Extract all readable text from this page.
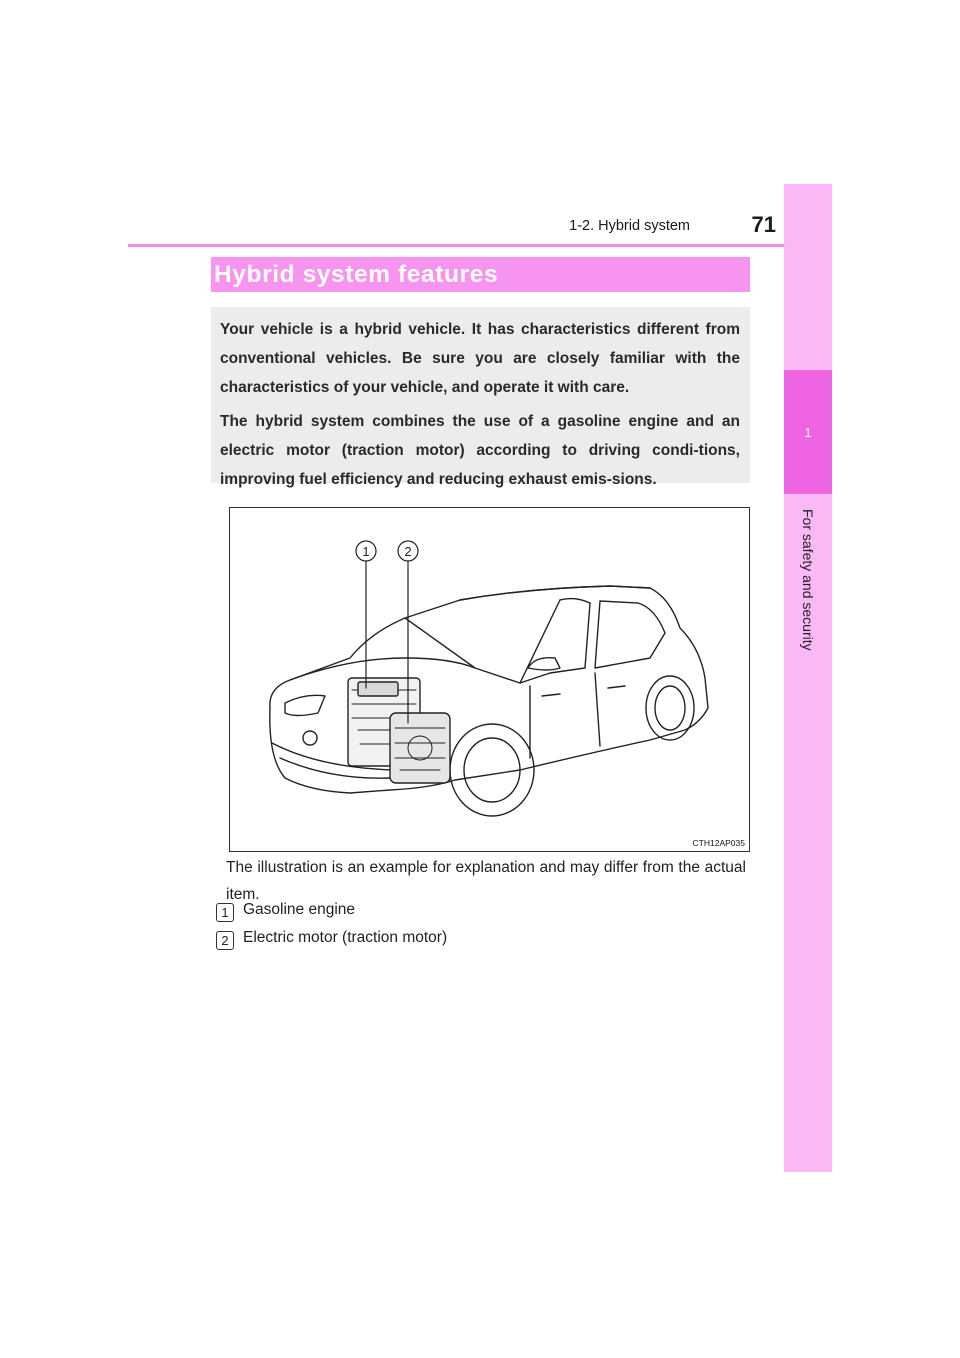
1-2. Hybrid system	71
1
For safety and security
Hybrid system features

Your vehicle is a hybrid vehicle. It has characteristics different from conventional vehicles. Be sure you are closely familiar with the characteristics of your vehicle, and operate it with care.

The hybrid system combines the use of a gasoline engine and an electric motor (traction motor) according to driving condi-tions, improving fuel efficiency and reducing exhaust emis-sions.

1	2
CTH12AP035
The illustration is an example for explanation and may differ from the actual item.
1 Gasoline engine
2 Electric motor (traction motor)
